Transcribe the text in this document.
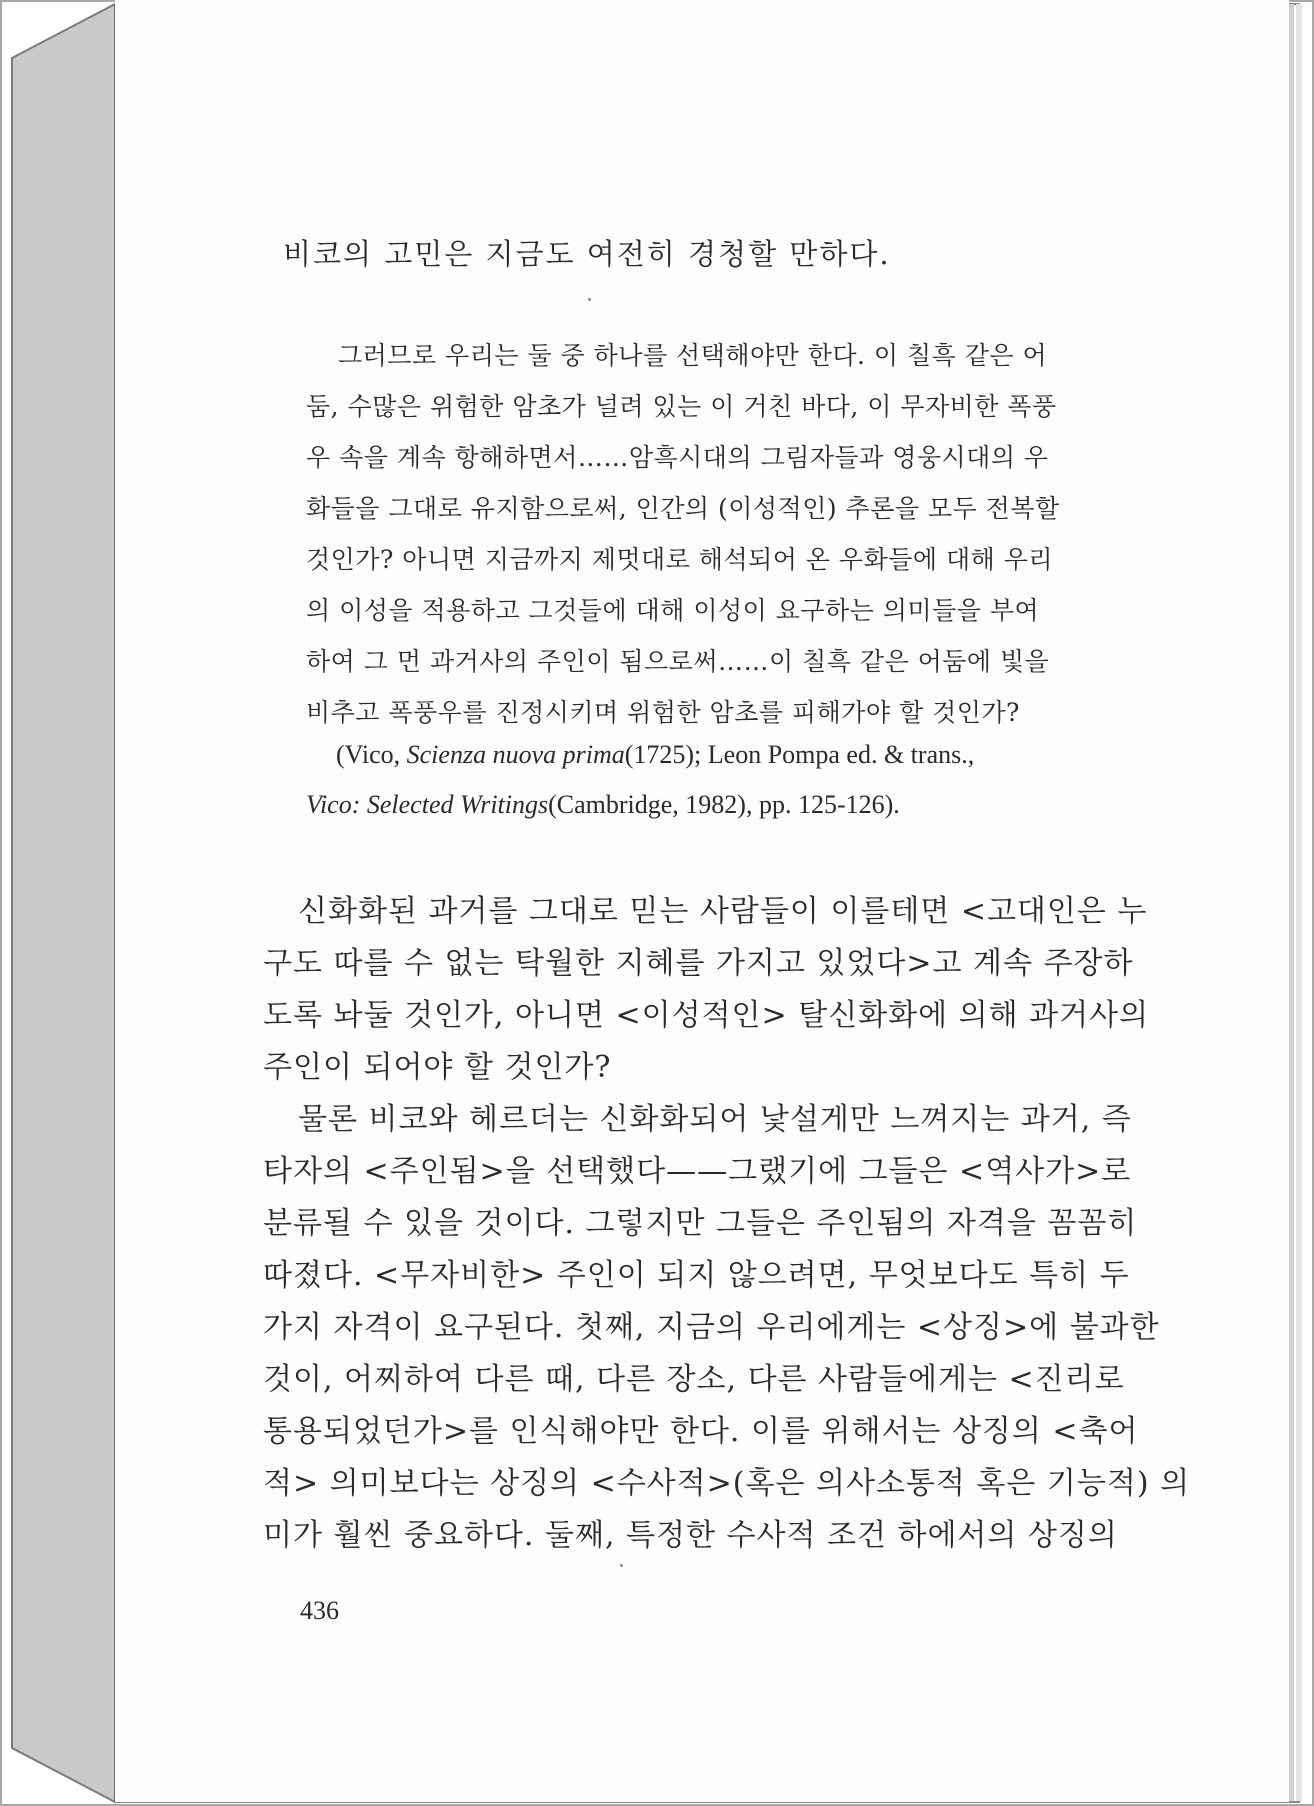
비코의 고민은 지금도 여전히 경청할 만하다.

그러므로 우리는 둘 중 하나를 선택해야만 한다. 이 칠흑 같은 어

둠, 수많은 위험한 암초가 널려 있는 이 거친 바다, 이 무자비한 폭풍

우 속을 계속 항해하면서……암흑시대의 그림자들과 영웅시대의 우

화들을 그대로 유지함으로써, 인간의 (이성적인) 추론을 모두 전복할

것인가? 아니면 지금까지 제멋대로 해석되어 온 우화들에 대해 우리

의 이성을 적용하고 그것들에 대해 이성이 요구하는 의미들을 부여

하여 그 먼 과거사의 주인이 됨으로써……이 칠흑 같은 어둠에 빛을

비추고 폭풍우를 진정시키며 위험한 암초를 피해가야 할 것인가?

(Vico, Scienza nuova prima(1725); Leon Pompa ed. & trans.,

Vico: Selected Writings(Cambridge, 1982), pp. 125-126).

신화화된 과거를 그대로 믿는 사람들이 이를테면 <고대인은 누

구도 따를 수 없는 탁월한 지혜를 가지고 있었다>고 계속 주장하

도록 놔둘 것인가, 아니면 <이성적인> 탈신화화에 의해 과거사의

주인이 되어야 할 것인가?

물론 비코와 헤르더는 신화화되어 낯설게만 느껴지는 과거, 즉

타자의 <주인됨>을 선택했다——그랬기에 그들은 <역사가>로

분류될 수 있을 것이다. 그렇지만 그들은 주인됨의 자격을 꼼꼼히

따졌다. <무자비한> 주인이 되지 않으려면, 무엇보다도 특히 두

가지 자격이 요구된다. 첫째, 지금의 우리에게는 <상징>에 불과한

것이, 어찌하여 다른 때, 다른 장소, 다른 사람들에게는 <진리로

통용되었던가>를 인식해야만 한다. 이를 위해서는 상징의 <축어

적> 의미보다는 상징의 <수사적>(혹은 의사소통적 혹은 기능적) 의

미가 훨씬 중요하다. 둘째, 특정한 수사적 조건 하에서의 상징의

436
